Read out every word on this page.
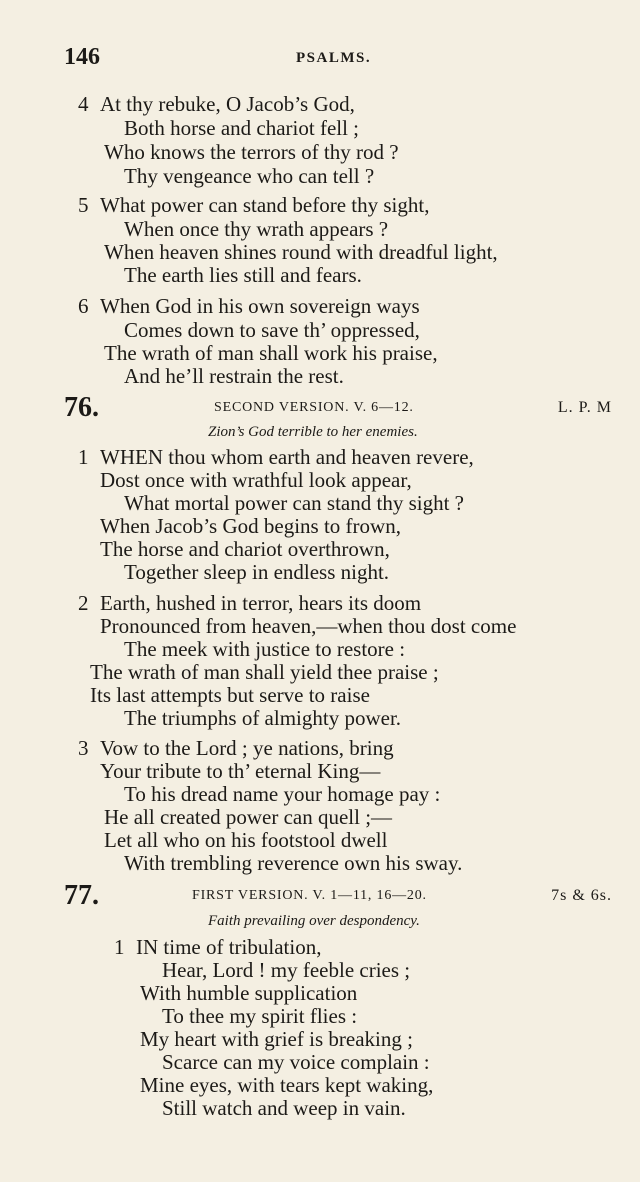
146	PSALMS.
4 At thy rebuke, O Jacob’s God,
Both horse and chariot fell ;
Who knows the terrors of thy rod ?
Thy vengeance who can tell ?
5 What power can stand before thy sight,
When once thy wrath appears ?
When heaven shines round with dreadful light,
The earth lies still and fears.
6 When God in his own sovereign ways
Comes down to save th’ oppressed,
The wrath of man shall work his praise,
And he’ll restrain the rest.
76.	SECOND VERSION. V. 6—12.	L. P. M
Zion’s God terrible to her enemies.
1 WHEN thou whom earth and heaven revere,
Dost once with wrathful look appear,
What mortal power can stand thy sight ?
When Jacob’s God begins to frown,
The horse and chariot overthrown,
Together sleep in endless night.
2 Earth, hushed in terror, hears its doom
Pronounced from heaven,—when thou dost come
The meek with justice to restore :
The wrath of man shall yield thee praise ;
Its last attempts but serve to raise
The triumphs of almighty power.
3 Vow to the Lord ; ye nations, bring
Your tribute to th’ eternal King—
To his dread name your homage pay :
He all created power can quell ;—
Let all who on his footstool dwell
With trembling reverence own his sway.
77.	FIRST VERSION. V. 1—11, 16—20.	7s & 6s.
Faith prevailing over despondency.
1 IN time of tribulation,
Hear, Lord ! my feeble cries ;
With humble supplication
To thee my spirit flies :
My heart with grief is breaking ;
Scarce can my voice complain :
Mine eyes, with tears kept waking,
Still watch and weep in vain.
